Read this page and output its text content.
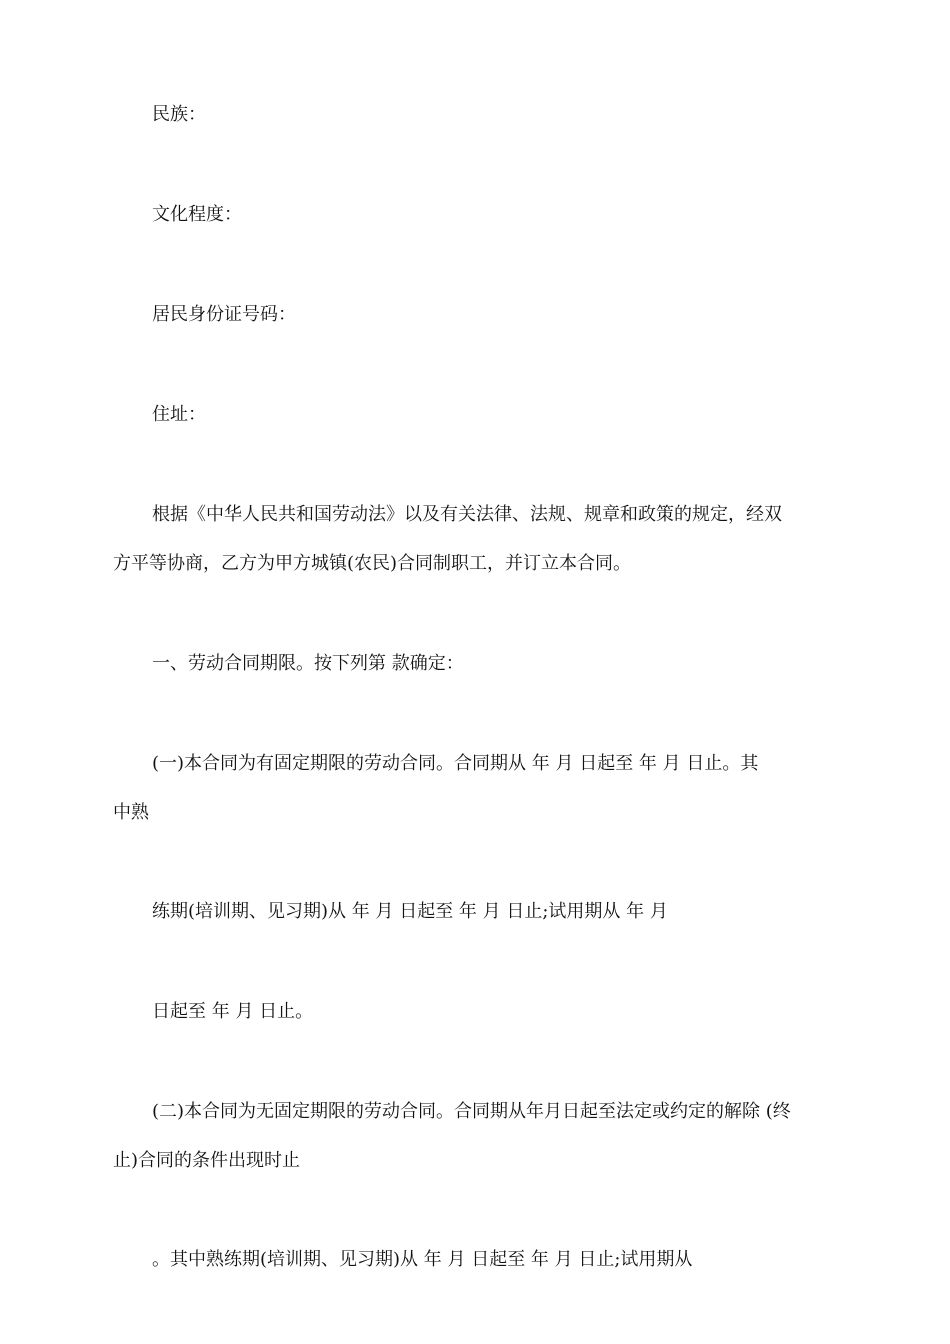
民族：
文化程度：
居民身份证号码：
住址：
根据《中华人民共和国劳动法》以及有关法律、法规、规章和政策的规定，经双
方平等协商，乙方为甲方城镇(农民)合同制职工，并订立本合同。
一、劳动合同期限。按下列第 款确定：
(一)本合同为有固定期限的劳动合同。合同期从 年 月 日起至 年 月 日止。其
中熟
练期(培训期、见习期)从 年 月 日起至 年 月 日止;试用期从 年 月
日起至 年 月 日止。
(二)本合同为无固定期限的劳动合同。合同期从年月日起至法定或约定的解除 (终
止)合同的条件出现时止
。其中熟练期(培训期、见习期)从 年 月 日起至 年 月 日止;试用期从
